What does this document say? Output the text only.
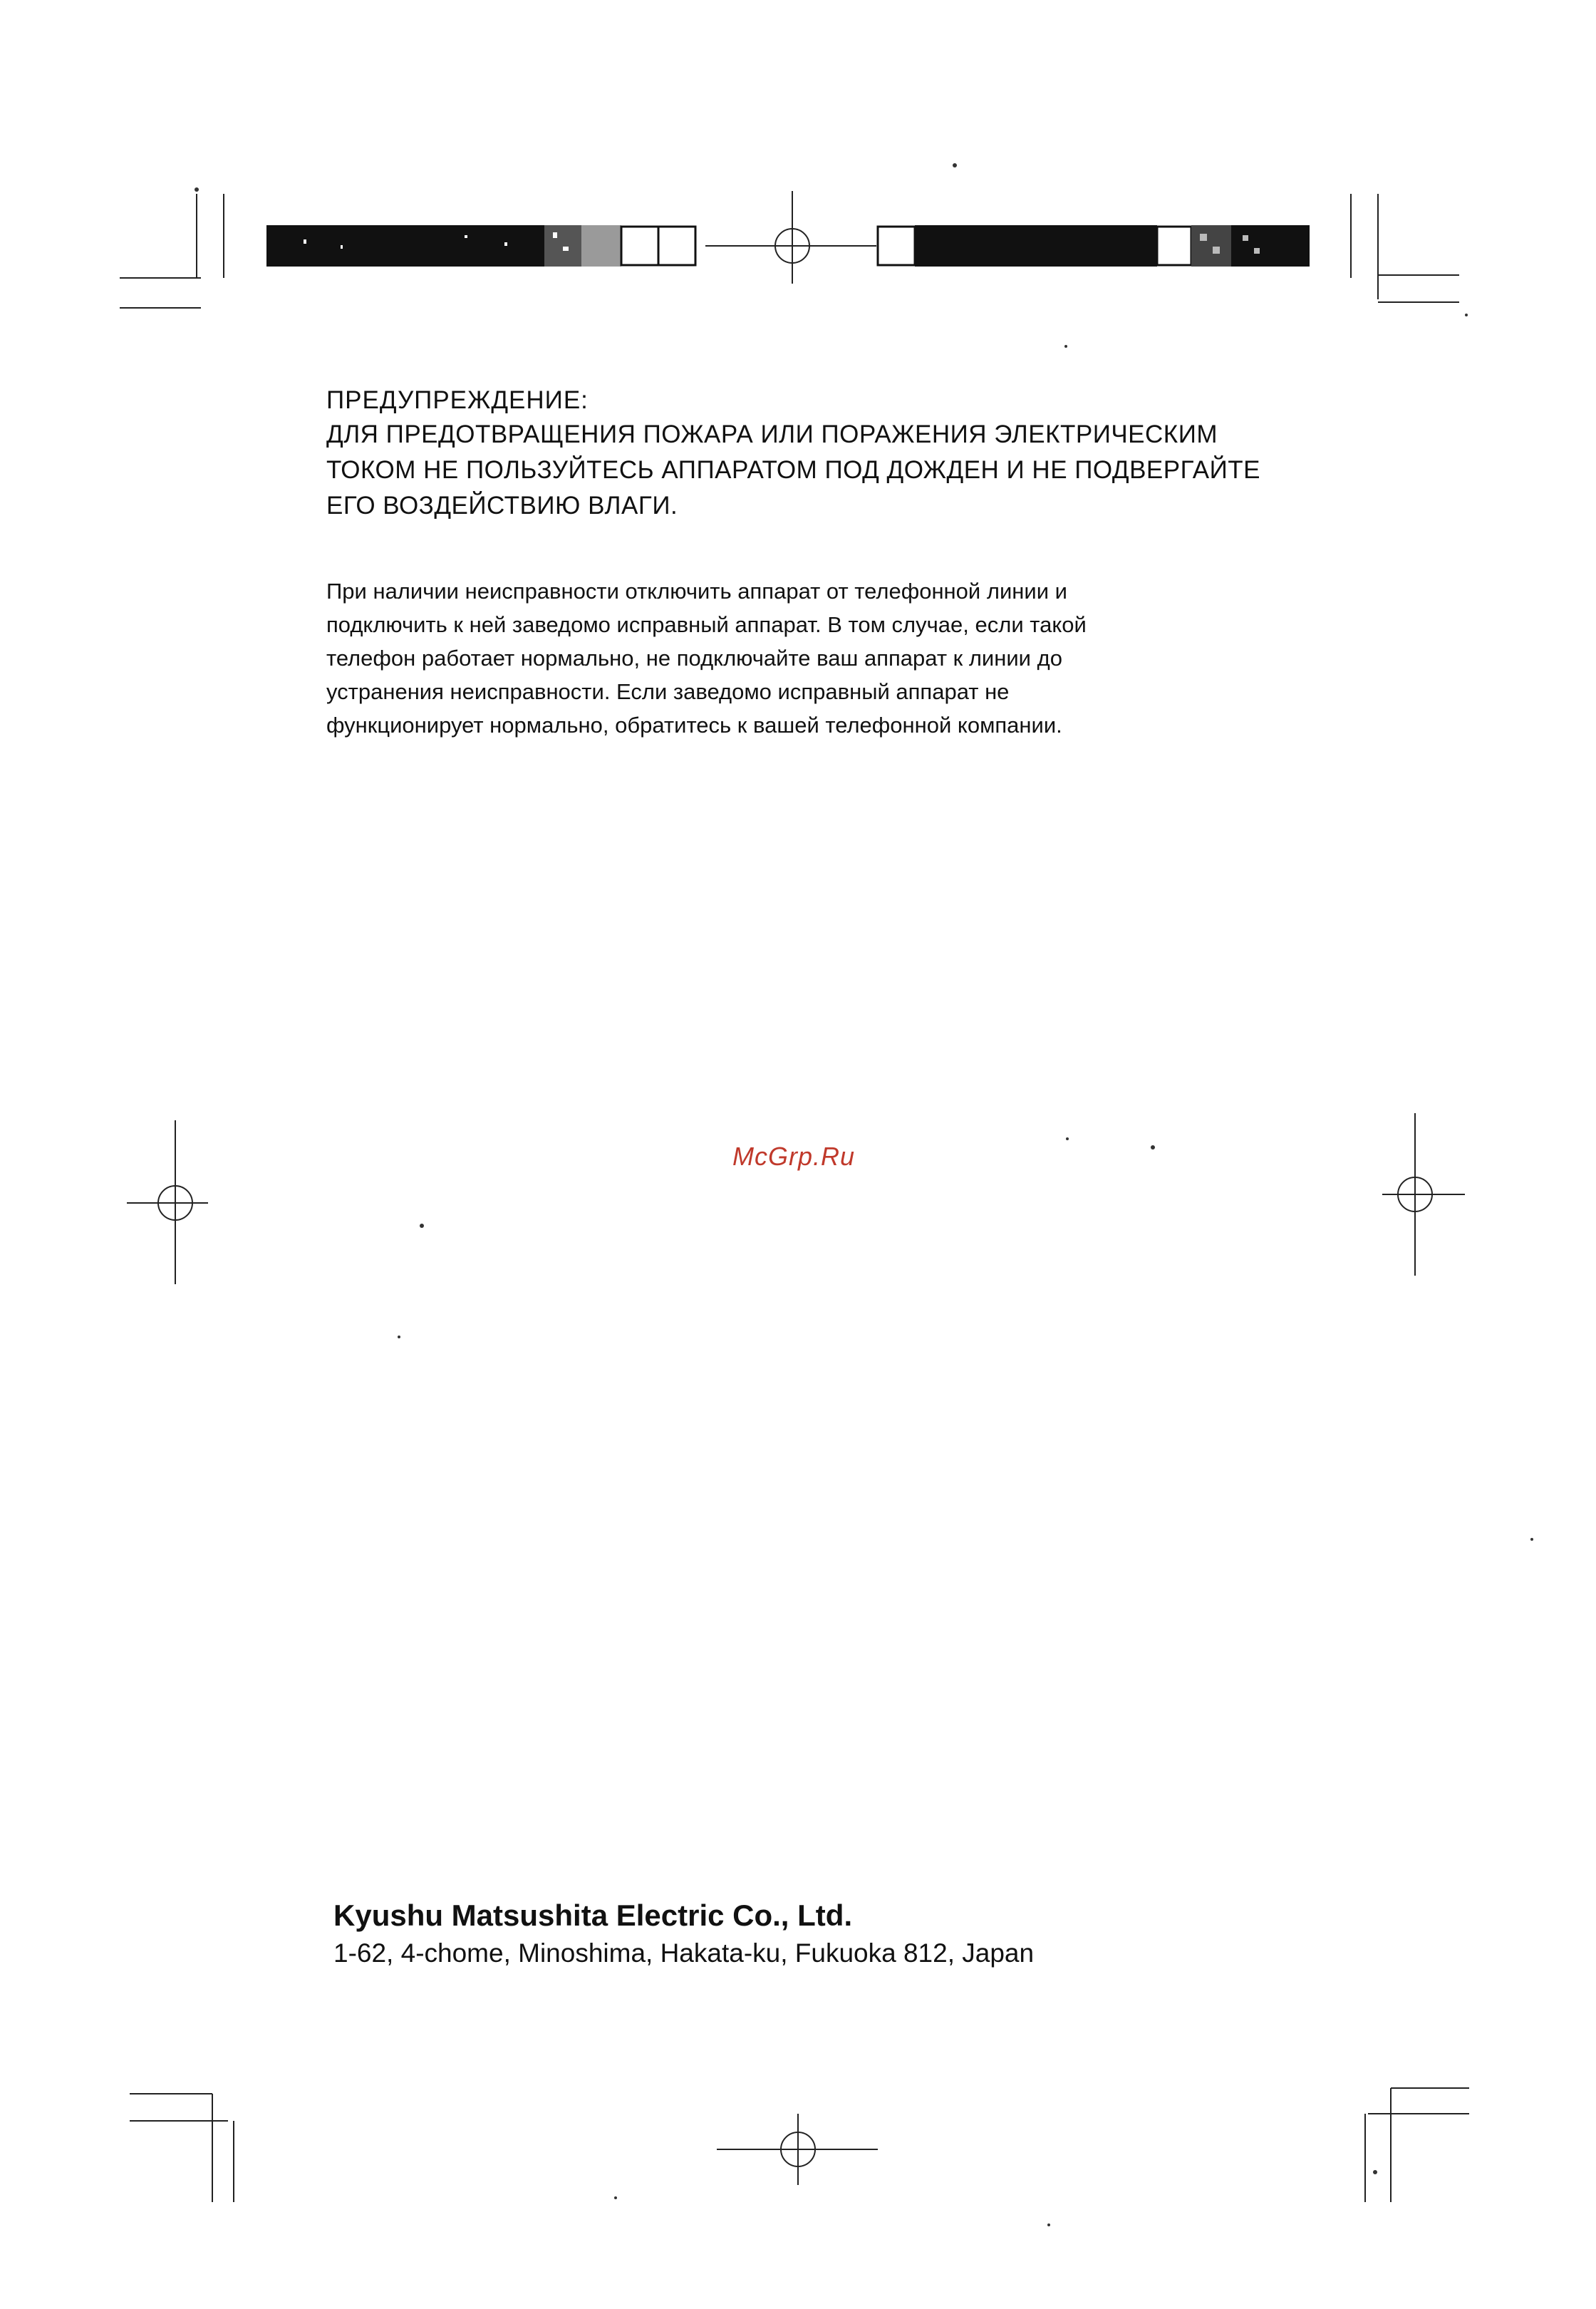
ПРЕДУПРЕЖДЕНИЕ:
ДЛЯ ПРЕДОТВРАЩЕНИЯ ПОЖАРА ИЛИ ПОРАЖЕНИЯ ЭЛЕКТРИЧЕСКИМ
ТОКОМ НЕ ПОЛЬЗУЙТЕСЬ АППАРАТОМ ПОД ДОЖДЕН И НЕ ПОДВЕРГАЙТЕ
ЕГО ВОЗДЕЙСТВИЮ ВЛАГИ.
При наличии неисправности отключить аппарат от телефонной линии и
подключить к ней заведомо исправный аппарат. В том случае, если такой
телефон работает нормально, не подключайте ваш аппарат к линии до
устранения неисправности. Если заведомо исправный аппарат не
функционирует нормально, обратитесь к вашей телефонной компании.
McGrp.Ru
Kyushu Matsushita Electric Co., Ltd.
1-62, 4-chome, Minoshima, Hakata-ku, Fukuoka 812, Japan
